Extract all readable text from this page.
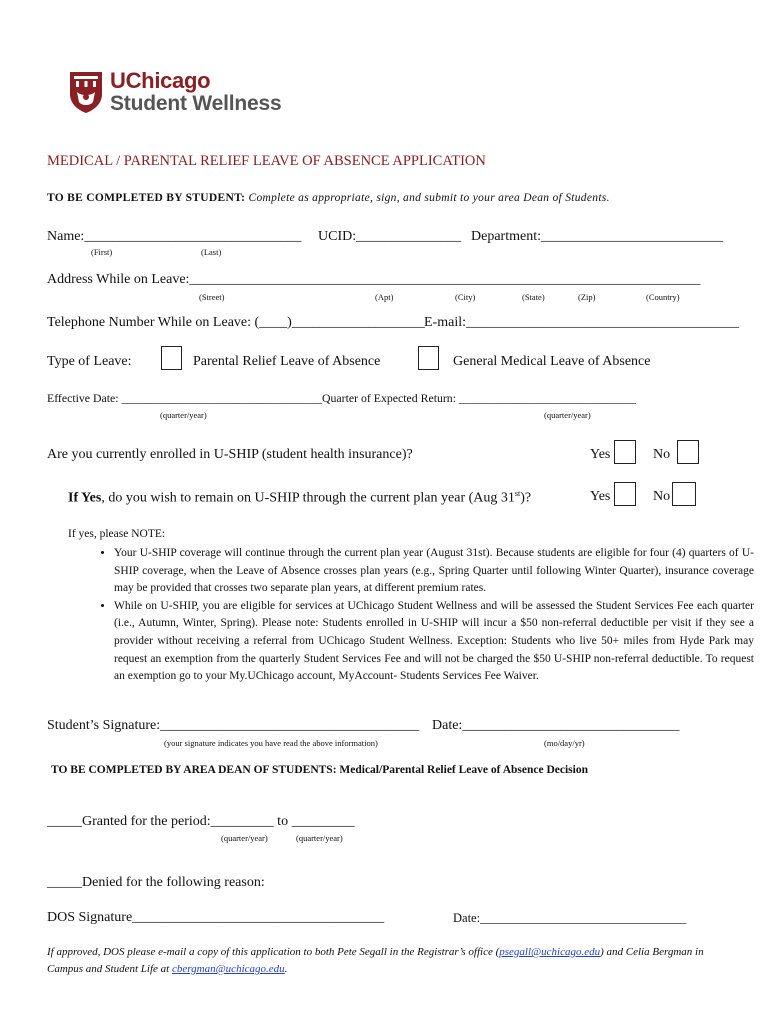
UChicago
Student Wellness
MEDICAL / PARENTAL RELIEF LEAVE OF ABSENCE APPLICATION
TO BE COMPLETED BY STUDENT: Complete as appropriate, sign, and submit to your area Dean of Students.
Name:_______________________________ UCID:_______________ Department:__________________________
(First)	(Last)
Address While on Leave:_________________________________________________________________________
(Street)	(Apt)	(City)	(State)	(Zip)	(Country)
Telephone Number While on Leave: (____)___________________ E-mail:_______________________________________
Type of Leave:	Parental Relief Leave of Absence	General Medical Leave of Absence
Effective Date: __________________________________Quarter of Expected Return: ______________________________
(quarter/year)	(quarter/year)
Are you currently enrolled in U-SHIP (student health insurance)?	Yes	No
If Yes, do you wish to remain on U-SHIP through the current plan year (Aug 31st)?	Yes	No
If yes, please NOTE:
• Your U-SHIP coverage will continue through the current plan year (August 31st). Because students are eligible for four (4) quarters of U-SHIP coverage, when the Leave of Absence crosses plan years (e.g., Spring Quarter until following Winter Quarter), insurance coverage may be provided that crosses two separate plan years, at different premium rates.
• While on U-SHIP, you are eligible for services at UChicago Student Wellness and will be assessed the Student Services Fee each quarter (i.e., Autumn, Winter, Spring). Please note: Students enrolled in U-SHIP will incur a $50 non-referral deductible per visit if they see a provider without receiving a referral from UChicago Student Wellness. Exception: Students who live 50+ miles from Hyde Park may request an exemption from the quarterly Student Services Fee and will not be charged the $50 U-SHIP non-referral deductible. To request an exemption go to your My.UChicago account, MyAccount- Students Services Fee Waiver.
Student’s Signature:_____________________________________ Date:_______________________________
(your signature indicates you have read the above information)	(mo/day/yr)
TO BE COMPLETED BY AREA DEAN OF STUDENTS: Medical/Parental Relief Leave of Absence Decision
_____Granted for the period:_________ to _________
(quarter/year)	(quarter/year)
_____Denied for the following reason:
DOS Signature____________________________________	Date:_________________________________
If approved, DOS please e-mail a copy of this application to both Pete Segall in the Registrar’s office (psegall@uchicago.edu) and Celia Bergman in Campus and Student Life at cbergman@uchicago.edu.
